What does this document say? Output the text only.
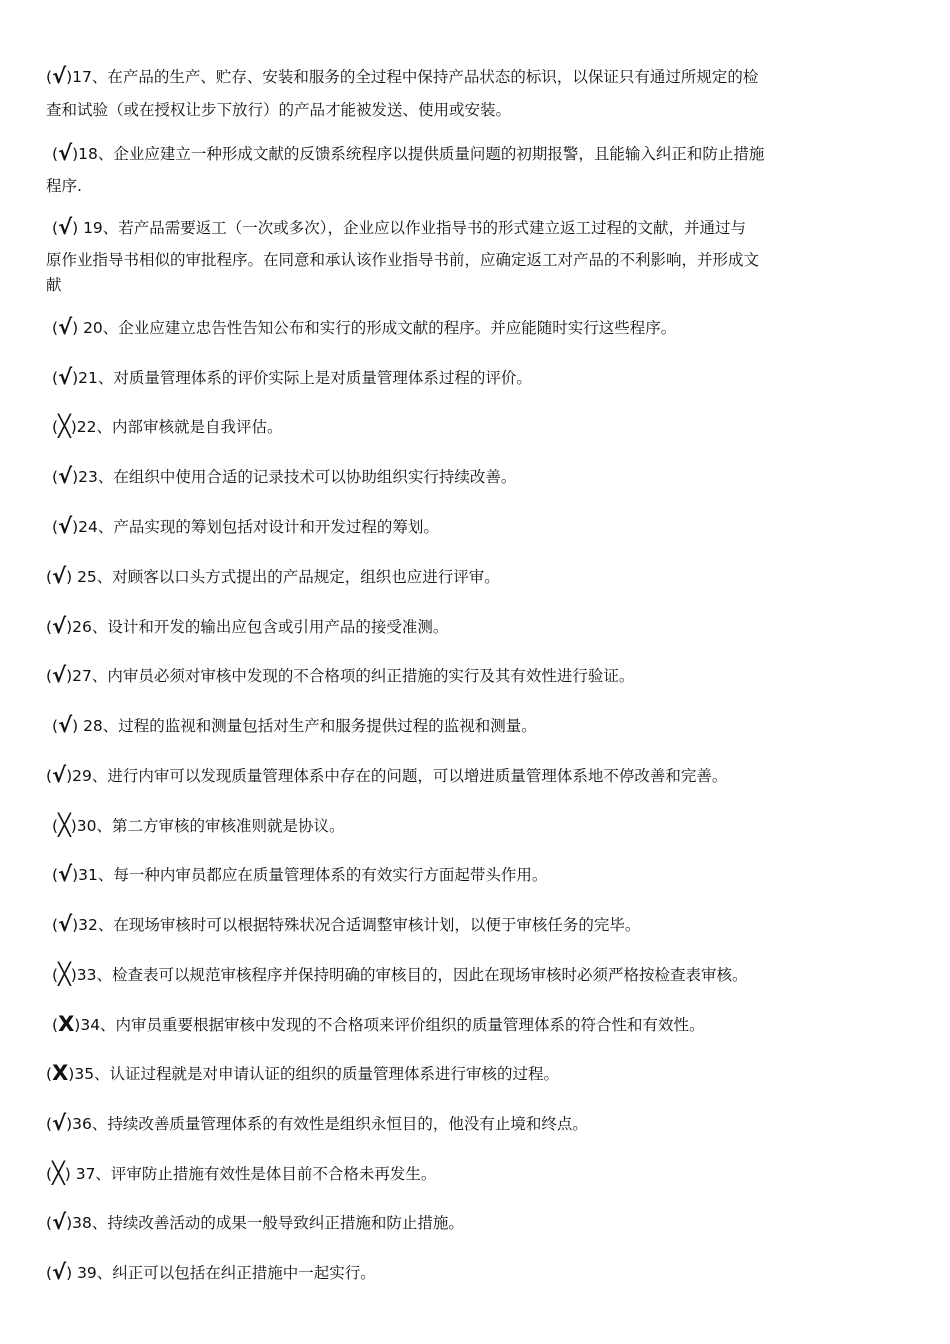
(√)17、在产品的生产、贮存、安装和服务的全过程中保持产品状态的标识，以保证只有通过所规定的检
查和试验（或在授权让步下放行）的产品才能被发送、使用或安装。
(√)18、企业应建立一种形成文献的反馈系统程序以提供质量问题的初期报警，且能输入纠正和防止措施
程序.
(√) 19、若产品需要返工（一次或多次），企业应以作业指导书的形式建立返工过程的文献，并通过与
原作业指导书相似的审批程序。在同意和承认该作业指导书前，应确定返工对产品的不利影响，并形成文
献
(√) 20、企业应建立忠告性告知公布和实行的形成文献的程序。并应能随时实行这些程序。
(√)21、对质量管理体系的评价实际上是对质量管理体系过程的评价。
(╳)22、内部审核就是自我评估。
(√)23、在组织中使用合适的记录技术可以协助组织实行持续改善。
(√)24、产品实现的筹划包括对设计和开发过程的筹划。
(√) 25、对顾客以口头方式提出的产品规定，组织也应进行评审。
(√)26、设计和开发的输出应包含或引用产品的接受准测。
(√)27、内审员必须对审核中发现的不合格项的纠正措施的实行及其有效性进行验证。
(√) 28、过程的监视和测量包括对生产和服务提供过程的监视和测量。
(√)29、进行内审可以发现质量管理体系中存在的问题，可以增进质量管理体系地不停改善和完善。
(╳)30、第二方审核的审核准则就是协议。
(√)31、每一种内审员都应在质量管理体系的有效实行方面起带头作用。
(√)32、在现场审核时可以根据特殊状况合适调整审核计划，以便于审核任务的完毕。
(╳)33、检查表可以规范审核程序并保持明确的审核目的，因此在现场审核时必须严格按检查表审核。
(X)34、内审员重要根据审核中发现的不合格项来评价组织的质量管理体系的符合性和有效性。
(X)35、认证过程就是对申请认证的组织的质量管理体系进行审核的过程。
(√)36、持续改善质量管理体系的有效性是组织永恒目的，他没有止境和终点。
(╳) 37、评审防止措施有效性是体目前不合格未再发生。
(√)38、持续改善活动的成果一般导致纠正措施和防止措施。
(√) 39、纠正可以包括在纠正措施中一起实行。
